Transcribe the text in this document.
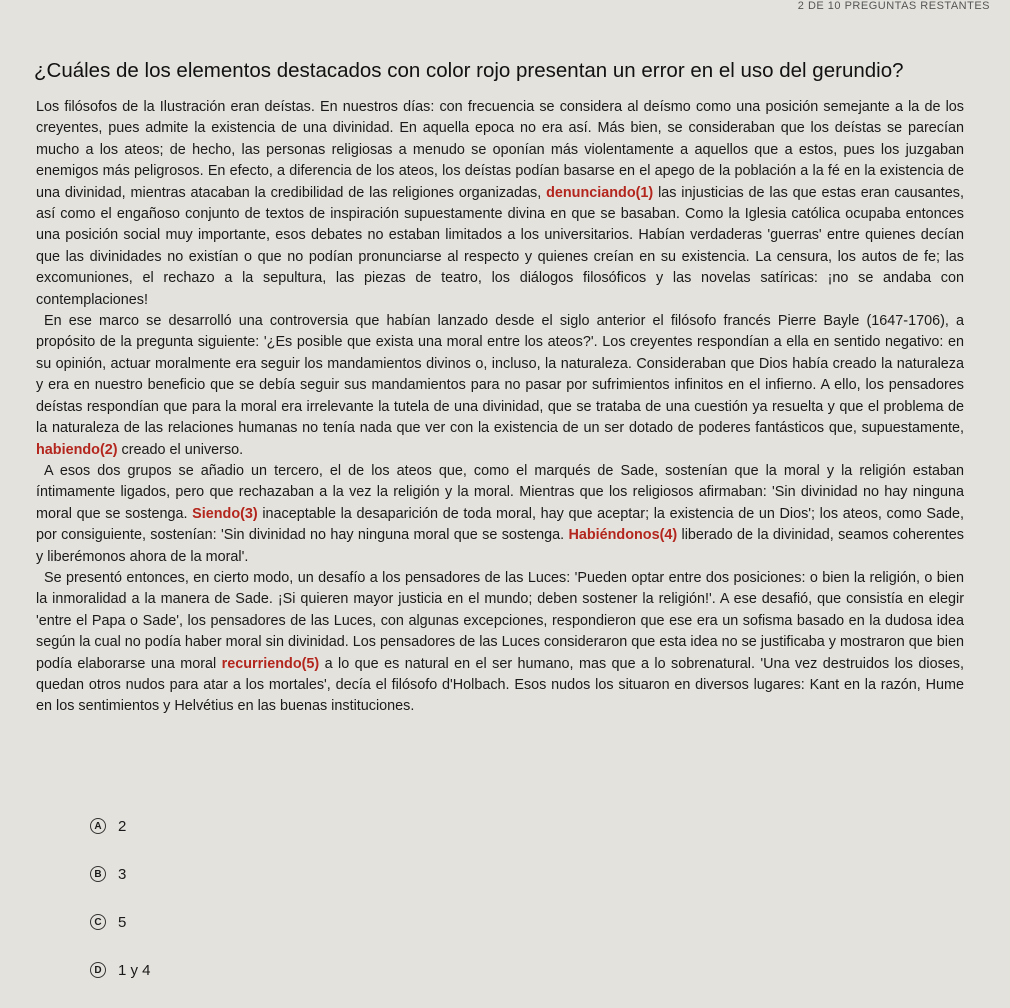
2 DE 10 PREGUNTAS RESTANTES
¿Cuáles de los elementos destacados con color rojo presentan un error en el uso del gerundio?

Los filósofos de la Ilustración eran deístas. En nuestros días: con frecuencia se considera al deísmo como una posición semejante a la de los creyentes, pues admite la existencia de una divinidad. En aquella epoca no era así. Más bien, se consideraban que los deístas se parecían mucho a los ateos; de hecho, las personas religiosas a menudo se oponían más violentamente a aquellos que a estos, pues los juzgaban enemigos más peligrosos. En efecto, a diferencia de los ateos, los deístas podían basarse en el apego de la población a la fé en la existencia de una divinidad, mientras atacaban la credibilidad de las religiones organizadas, denunciando(1) las injusticias de las que estas eran causantes, así como el engañoso conjunto de textos de inspiración supuestamente divina en que se basaban. Como la Iglesia católica ocupaba entonces una posición social muy importante, esos debates no estaban limitados a los universitarios. Habían verdaderas 'guerras' entre quienes decían que las divinidades no existían o que no podían pronunciarse al respecto y quienes creían en su existencia. La censura, los autos de fe; las excomuniones, el rechazo a la sepultura, las piezas de teatro, los diálogos filosóficos y las novelas satíricas: ¡no se andaba con contemplaciones!

En ese marco se desarrolló una controversia que habían lanzado desde el siglo anterior el filósofo francés Pierre Bayle (1647-1706), a propósito de la pregunta siguiente: '¿Es posible que exista una moral entre los ateos?'. Los creyentes respondían a ella en sentido negativo: en su opinión, actuar moralmente era seguir los mandamientos divinos o, incluso, la naturaleza. Consideraban que Dios había creado la naturaleza y era en nuestro beneficio que se debía seguir sus mandamientos para no pasar por sufrimientos infinitos en el infierno. A ello, los pensadores deístas respondían que para la moral era irrelevante la tutela de una divinidad, que se trataba de una cuestión ya resuelta y que el problema de la naturaleza de las relaciones humanas no tenía nada que ver con la existencia de un ser dotado de poderes fantásticos que, supuestamente, habiendo(2) creado el universo.

A esos dos grupos se añadio un tercero, el de los ateos que, como el marqués de Sade, sostenían que la moral y la religión estaban íntimamente ligados, pero que rechazaban a la vez la religión y la moral. Mientras que los religiosos afirmaban: 'Sin divinidad no hay ninguna moral que se sostenga. Siendo(3) inaceptable la desaparición de toda moral, hay que aceptar; la existencia de un Dios'; los ateos, como Sade, por consiguiente, sostenían: 'Sin divinidad no hay ninguna moral que se sostenga. Habiéndonos(4) liberado de la divinidad, seamos coherentes y liberémonos ahora de la moral'.

Se presentó entonces, en cierto modo, un desafío a los pensadores de las Luces: 'Pueden optar entre dos posiciones: o bien la religión, o bien la inmoralidad a la manera de Sade. ¡Si quieren mayor justicia en el mundo; deben sostener la religión!'. A ese desafió, que consistía en elegir 'entre el Papa o Sade', los pensadores de las Luces, con algunas excepciones, respondieron que ese era un sofisma basado en la dudosa idea según la cual no podía haber moral sin divinidad. Los pensadores de las Luces consideraron que esta idea no se justificaba y mostraron que bien podía elaborarse una moral recurriendo(5) a lo que es natural en el ser humano, mas que a lo sobrenatural. 'Una vez destruidos los dioses, quedan otros nudos para atar a los mortales', decía el filósofo d'Holbach. Esos nudos los situaron en diversos lugares: Kant en la razón, Hume en los sentimientos y Helvétius en las buenas instituciones.

A 2
B 3
C 5
D 1 y 4
